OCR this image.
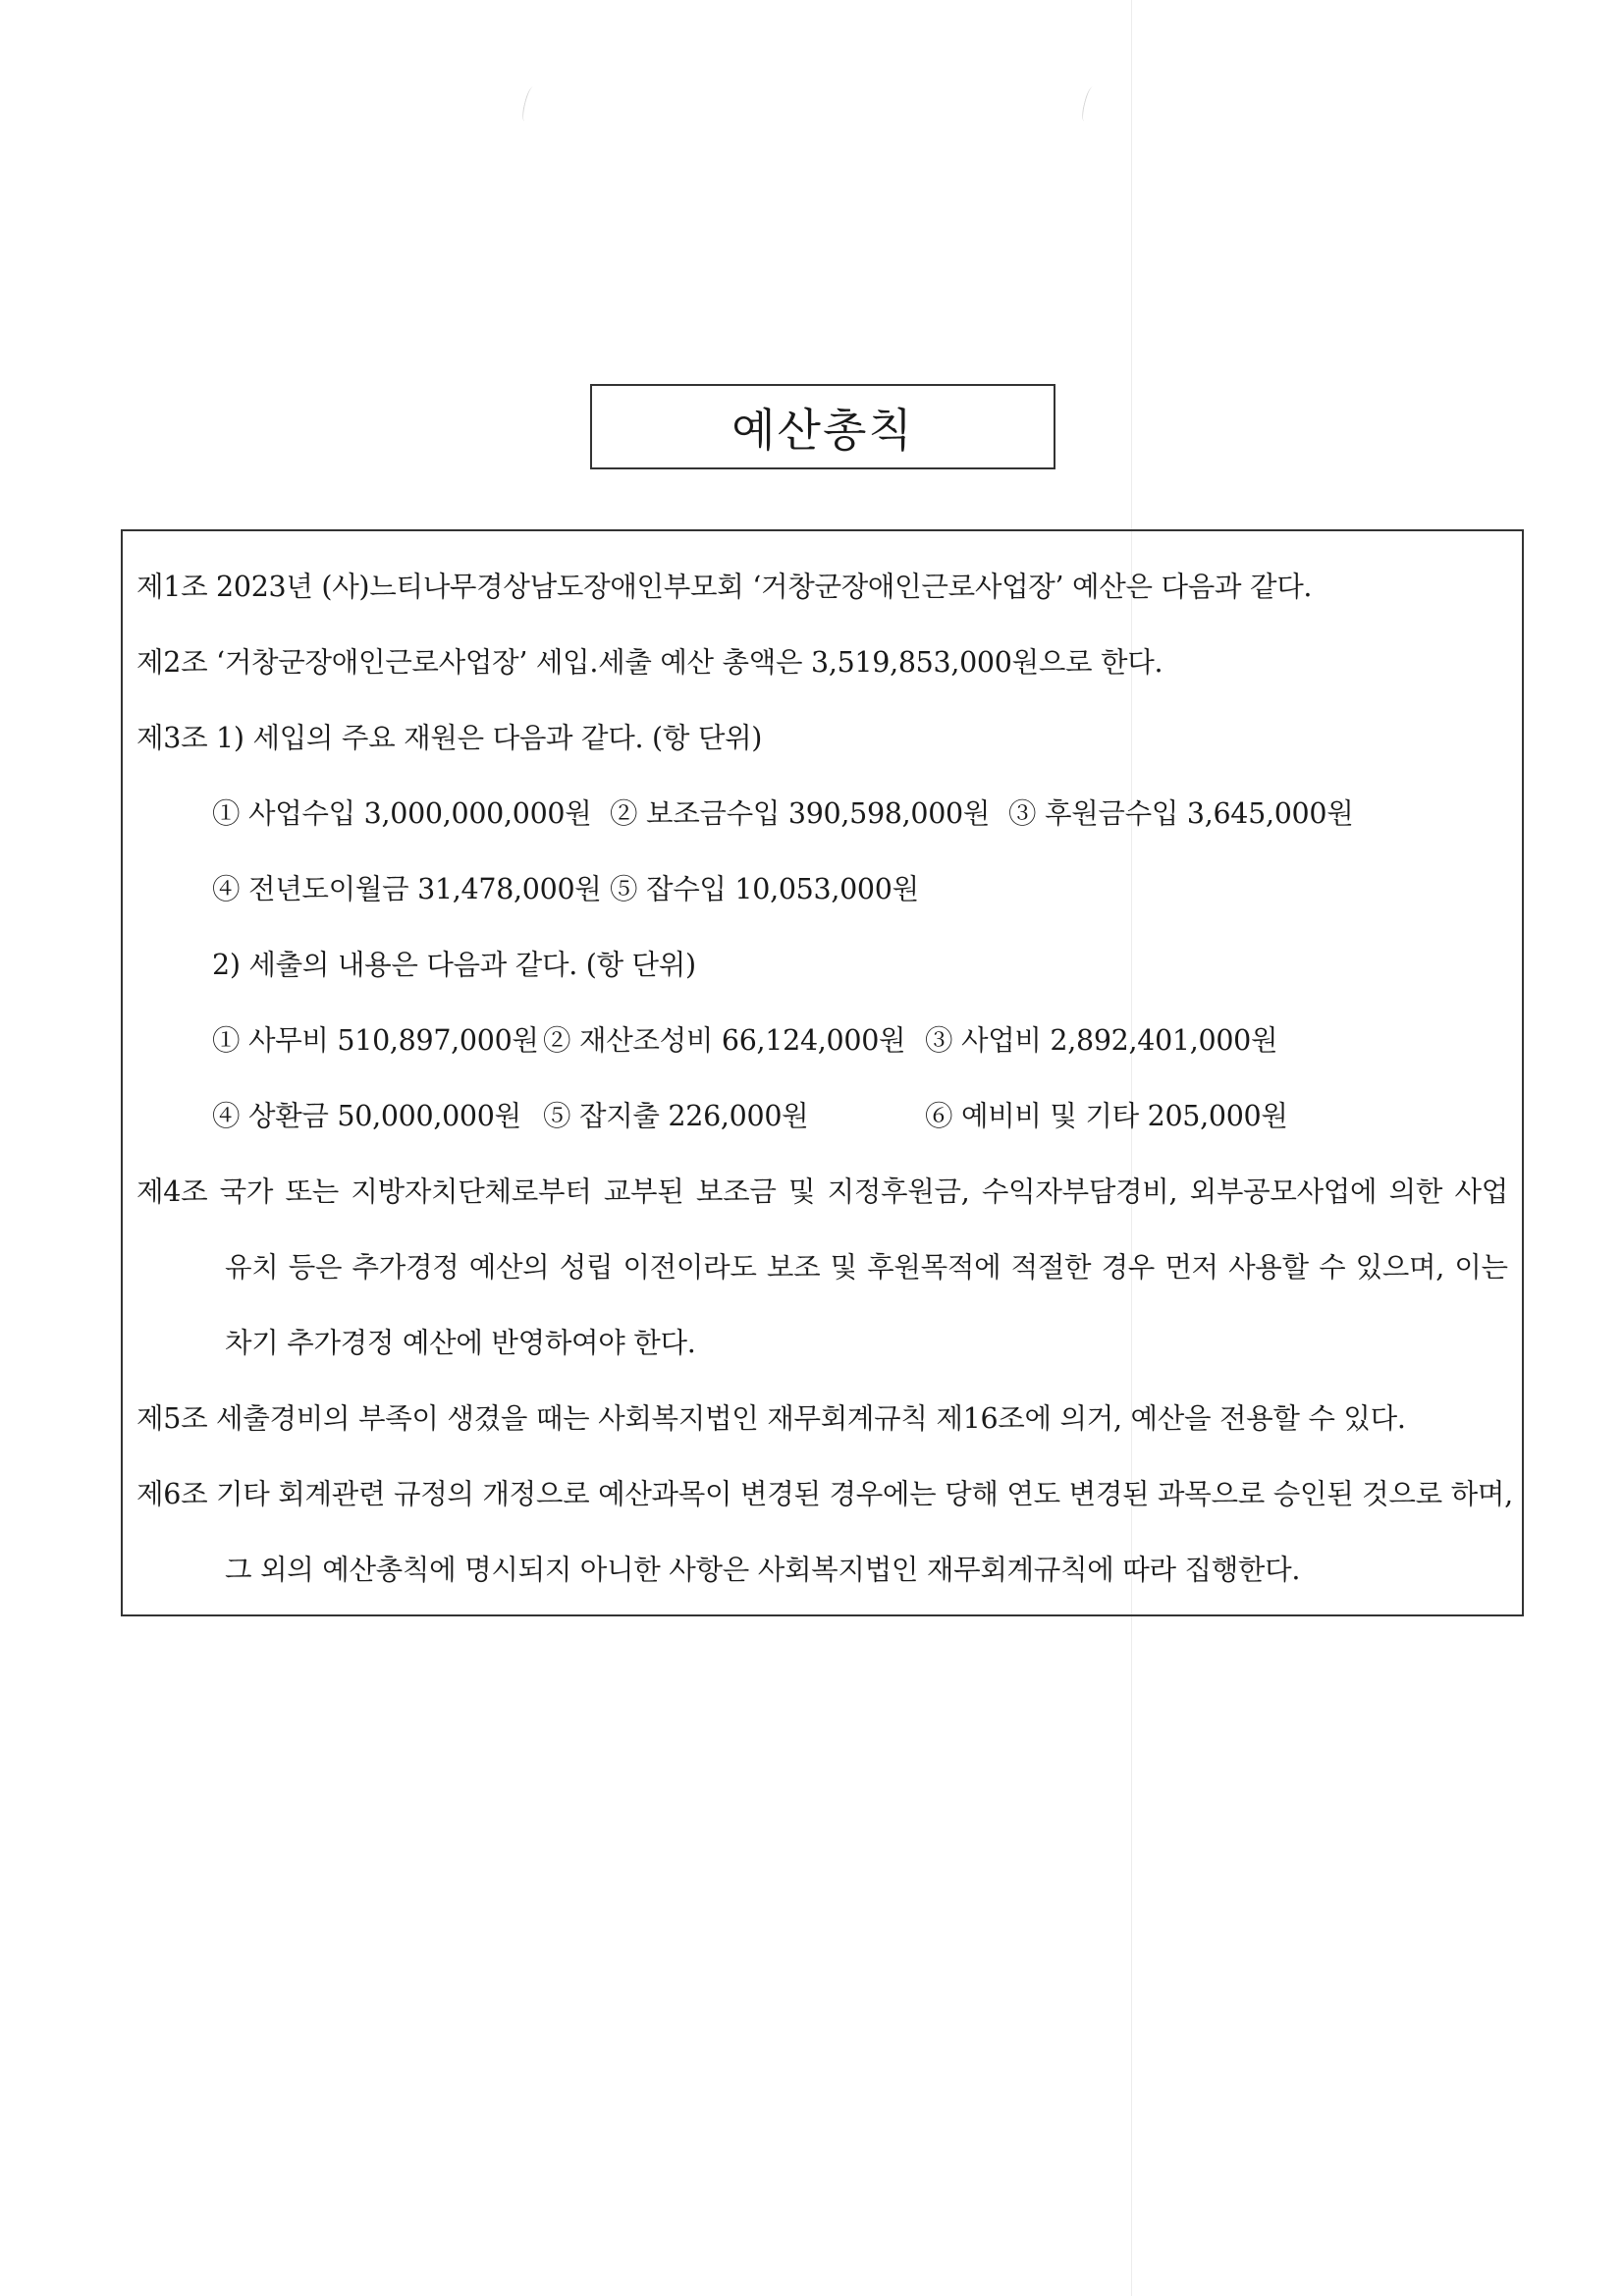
예산총칙
제1조 2023년 (사)느티나무경상남도장애인부모회 ‘거창군장애인근로사업장’ 예산은 다음과 같다.
제2조 ‘거창군장애인근로사업장’ 세입.세출 예산 총액은 3,519,853,000원으로 한다.
제3조 1) 세입의 주요 재원은 다음과 같다. (항 단위)
① 사업수입 3,000,000,000원 ② 보조금수입 390,598,000원 ③ 후원금수입 3,645,000원
④ 전년도이월금 31,478,000원 ⑤ 잡수입 10,053,000원
2) 세출의 내용은 다음과 같다. (항 단위)
① 사무비 510,897,000원 ② 재산조성비 66,124,000원 ③ 사업비 2,892,401,000원
④ 상환금 50,000,000원 ⑤ 잡지출 226,000원	⑥ 예비비 및 기타 205,000원
제4조 국가 또는 지방자치단체로부터 교부된 보조금 및 지정후원금, 수익자부담경비, 외부공모사업에 의한 사업
유치 등은 추가경정 예산의 성립 이전이라도 보조 및 후원목적에 적절한 경우 먼저 사용할 수 있으며, 이는
차기 추가경정 예산에 반영하여야 한다.
제5조 세출경비의 부족이 생겼을 때는 사회복지법인 재무회계규칙 제16조에 의거, 예산을 전용할 수 있다.
제6조 기타 회계관련 규정의 개정으로 예산과목이 변경된 경우에는 당해 연도 변경된 과목으로 승인된 것으로 하며,
그 외의 예산총칙에 명시되지 아니한 사항은 사회복지법인 재무회계규칙에 따라 집행한다.
